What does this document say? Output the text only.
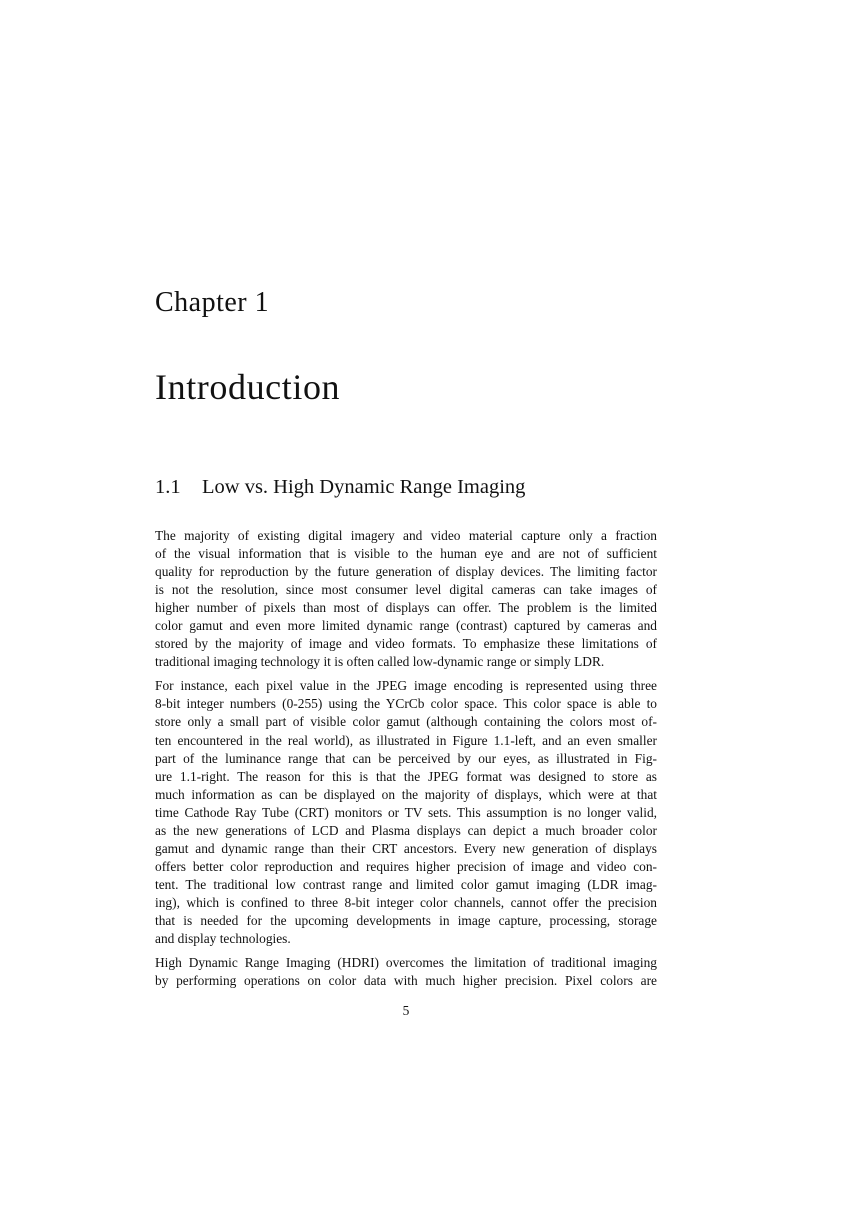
Chapter 1
Introduction
1.1 Low vs. High Dynamic Range Imaging
The majority of existing digital imagery and video material capture only a fraction
of the visual information that is visible to the human eye and are not of sufficient
quality for reproduction by the future generation of display devices. The limiting factor
is not the resolution, since most consumer level digital cameras can take images of
higher number of pixels than most of displays can offer. The problem is the limited
color gamut and even more limited dynamic range (contrast) captured by cameras and
stored by the majority of image and video formats. To emphasize these limitations of
traditional imaging technology it is often called low-dynamic range or simply LDR.
For instance, each pixel value in the JPEG image encoding is represented using three
8-bit integer numbers (0-255) using the YCrCb color space. This color space is able to
store only a small part of visible color gamut (although containing the colors most of-
ten encountered in the real world), as illustrated in Figure 1.1-left, and an even smaller
part of the luminance range that can be perceived by our eyes, as illustrated in Fig-
ure 1.1-right. The reason for this is that the JPEG format was designed to store as
much information as can be displayed on the majority of displays, which were at that
time Cathode Ray Tube (CRT) monitors or TV sets. This assumption is no longer valid,
as the new generations of LCD and Plasma displays can depict a much broader color
gamut and dynamic range than their CRT ancestors. Every new generation of displays
offers better color reproduction and requires higher precision of image and video con-
tent. The traditional low contrast range and limited color gamut imaging (LDR imag-
ing), which is confined to three 8-bit integer color channels, cannot offer the precision
that is needed for the upcoming developments in image capture, processing, storage
and display technologies.
High Dynamic Range Imaging (HDRI) overcomes the limitation of traditional imaging
by performing operations on color data with much higher precision. Pixel colors are
5
